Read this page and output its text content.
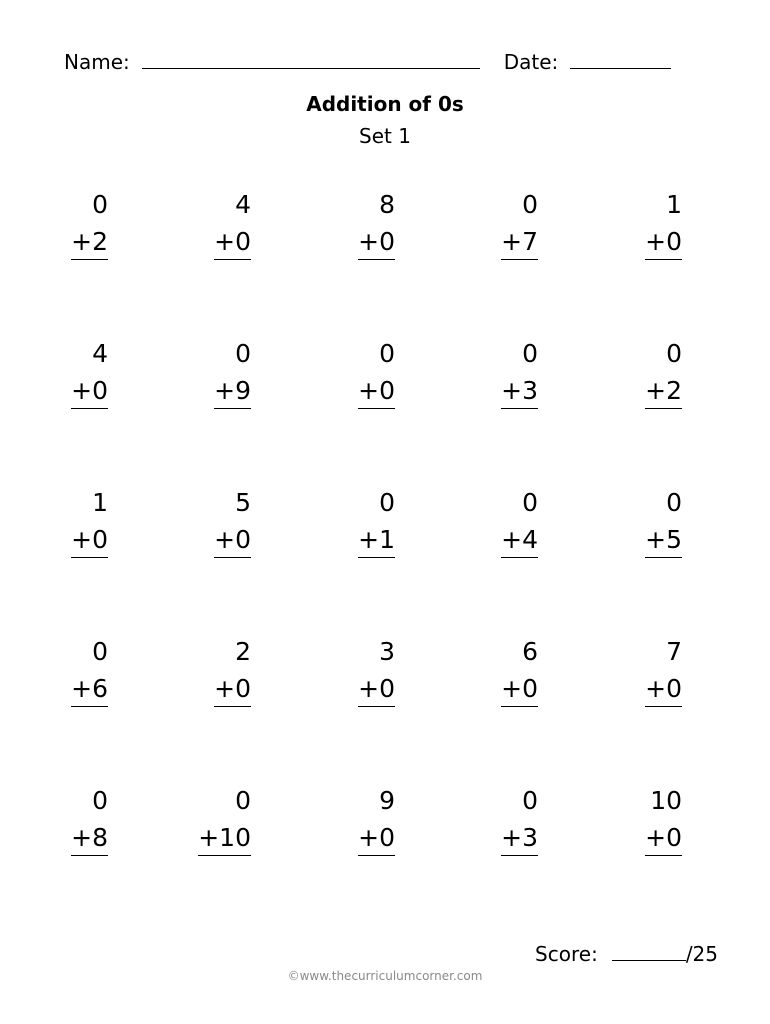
Name:	Date:
Addition of 0s
Set 1
0
+2
4
+0
8
+0
0
+7
1
+0
4
+0
0
+9
0
+0
0
+3
0
+2
1
+0
5
+0
0
+1
0
+4
0
+5
0
+6
2
+0
3
+0
6
+0
7
+0
0
+8
0
+10
9
+0
0
+3
10
+0
Score:	/25
©www.thecurriculumcorner.com
